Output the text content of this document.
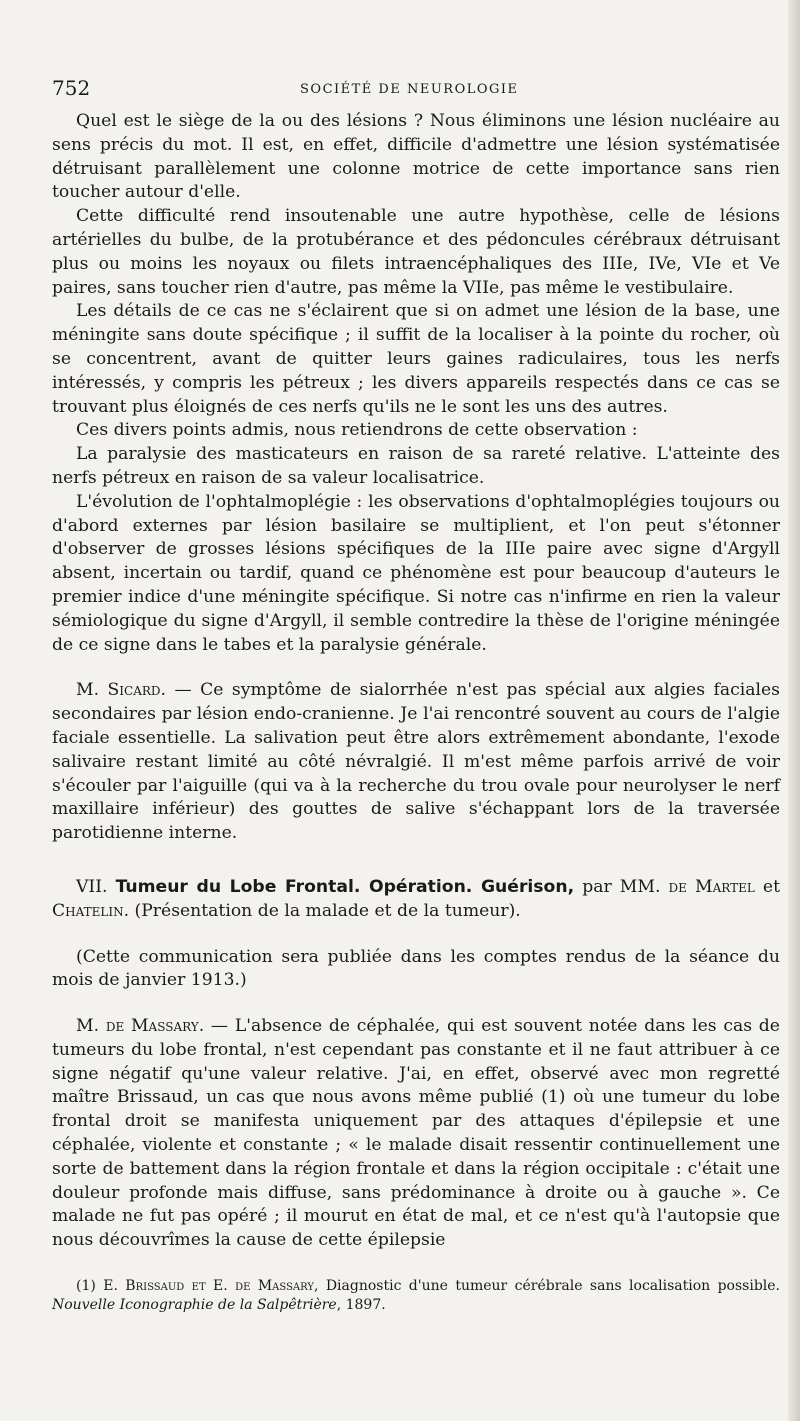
752	SOCIÉTÉ DE NEUROLOGIE

Quel est le siège de la ou des lésions ? Nous éliminons une lésion nucléaire au sens précis du mot. Il est, en effet, difficile d'admettre une lésion systématisée détruisant parallèlement une colonne motrice de cette importance sans rien toucher autour d'elle.

Cette difficulté rend insoutenable une autre hypothèse, celle de lésions artérielles du bulbe, de la protubérance et des pédoncules cérébraux détruisant plus ou moins les noyaux ou filets intraencéphaliques des IIIe, IVe, VIe et Ve paires, sans toucher rien d'autre, pas même la VIIe, pas même le vestibulaire.

Les détails de ce cas ne s'éclairent que si on admet une lésion de la base, une méningite sans doute spécifique ; il suffit de la localiser à la pointe du rocher, où se concentrent, avant de quitter leurs gaines radiculaires, tous les nerfs intéressés, y compris les pétreux ; les divers appareils respectés dans ce cas se trouvant plus éloignés de ces nerfs qu'ils ne le sont les uns des autres.

Ces divers points admis, nous retiendrons de cette observation :

La paralysie des masticateurs en raison de sa rareté relative. L'atteinte des nerfs pétreux en raison de sa valeur localisatrice.

L'évolution de l'ophtalmoplégie : les observations d'ophtalmoplégies toujours ou d'abord externes par lésion basilaire se multiplient, et l'on peut s'étonner d'observer de grosses lésions spécifiques de la IIIe paire avec signe d'Argyll absent, incertain ou tardif, quand ce phénomène est pour beaucoup d'auteurs le premier indice d'une méningite spécifique. Si notre cas n'infirme en rien la valeur sémiologique du signe d'Argyll, il semble contredire la thèse de l'origine méningée de ce signe dans le tabes et la paralysie générale.

M. Sicard. — Ce symptôme de sialorrhée n'est pas spécial aux algies faciales secondaires par lésion endo-cranienne. Je l'ai rencontré souvent au cours de l'algie faciale essentielle. La salivation peut être alors extrêmement abondante, l'exode salivaire restant limité au côté névralgié. Il m'est même parfois arrivé de voir s'écouler par l'aiguille (qui va à la recherche du trou ovale pour neurolyser le nerf maxillaire inférieur) des gouttes de salive s'échappant lors de la traversée parotidienne interne.

VII. Tumeur du Lobe Frontal. Opération. Guérison, par MM. de Martel et Chatelin. (Présentation de la malade et de la tumeur).

(Cette communication sera publiée dans les comptes rendus de la séance du mois de janvier 1913.)

M. de Massary. — L'absence de céphalée, qui est souvent notée dans les cas de tumeurs du lobe frontal, n'est cependant pas constante et il ne faut attribuer à ce signe négatif qu'une valeur relative. J'ai, en effet, observé avec mon regretté maître Brissaud, un cas que nous avons même publié (1) où une tumeur du lobe frontal droit se manifesta uniquement par des attaques d'épilepsie et une céphalée, violente et constante ; « le malade disait ressentir continuellement une sorte de battement dans la région frontale et dans la région occipitale : c'était une douleur profonde mais diffuse, sans prédominance à droite ou à gauche ». Ce malade ne fut pas opéré ; il mourut en état de mal, et ce n'est qu'à l'autopsie que nous découvrîmes la cause de cette épilepsie

(1) E. Brissaud et E. de Massary, Diagnostic d'une tumeur cérébrale sans localisation possible. Nouvelle Iconographie de la Salpêtrière, 1897.
